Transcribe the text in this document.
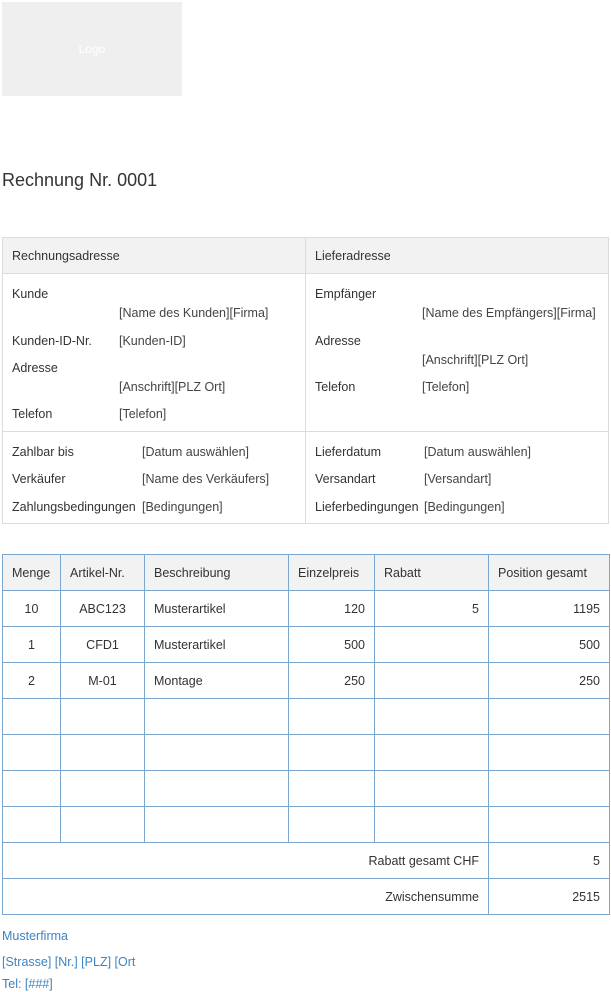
Logo
Rechnung Nr. 0001
Rechnungsadresse	Lieferadresse
Kunde
[Name des Kunden][Firma]
Kunden-ID-Nr. [Kunden-ID]
Adresse
[Anschrift][PLZ Ort]
Telefon	[Telefon]
Empfänger
[Name des Empfängers][Firma]
Adresse
[Anschrift][PLZ Ort]
Telefon	[Telefon]
Zahlbar bis	[Datum auswählen]
Verkäufer	[Name des Verkäufers]
Zahlungsbedingungen [Bedingungen]
Lieferdatum	[Datum auswählen]
Versandart	[Versandart]
Lieferbedingungen [Bedingungen]
Menge	Artikel-Nr.	Beschreibung	Einzelpreis	Rabatt	Position gesamt
10	ABC123	Musterartikel	120	5	1195
1	CFD1	Musterartikel	500		500
2	M-01	Montage	250		250

Rabatt gesamt CHF					5
Zwischensumme					2515
Musterfirma
[Strasse] [Nr.] [PLZ] [Ort
Tel: [###]
